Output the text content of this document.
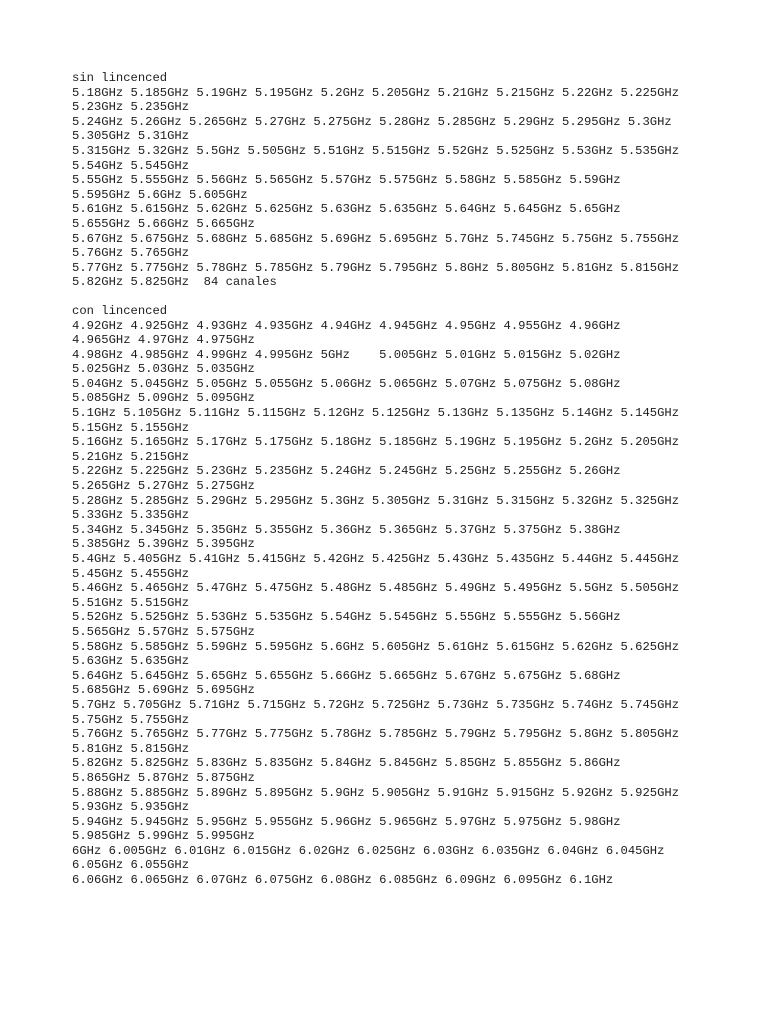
sin lincenced
5.18GHz 5.185GHz 5.19GHz 5.195GHz 5.2GHz 5.205GHz 5.21GHz 5.215GHz 5.22GHz 5.225GHz
5.23GHz 5.235GHz
5.24GHz 5.26GHz 5.265GHz 5.27GHz 5.275GHz 5.28GHz 5.285GHz 5.29GHz 5.295GHz 5.3GHz
5.305GHz 5.31GHz
5.315GHz 5.32GHz 5.5GHz 5.505GHz 5.51GHz 5.515GHz 5.52GHz 5.525GHz 5.53GHz 5.535GHz
5.54GHz 5.545GHz
5.55GHz 5.555GHz 5.56GHz 5.565GHz 5.57GHz 5.575GHz 5.58GHz 5.585GHz 5.59GHz
5.595GHz 5.6GHz 5.605GHz
5.61GHz 5.615GHz 5.62GHz 5.625GHz 5.63GHz 5.635GHz 5.64GHz 5.645GHz 5.65GHz
5.655GHz 5.66GHz 5.665GHz
5.67GHz 5.675GHz 5.68GHz 5.685GHz 5.69GHz 5.695GHz 5.7GHz 5.745GHz 5.75GHz 5.755GHz
5.76GHz 5.765GHz
5.77GHz 5.775GHz 5.78GHz 5.785GHz 5.79GHz 5.795GHz 5.8GHz 5.805GHz 5.81GHz 5.815GHz
5.82GHz 5.825GHz  84 canales
con lincenced
4.92GHz 4.925GHz 4.93GHz 4.935GHz 4.94GHz 4.945GHz 4.95GHz 4.955GHz 4.96GHz
4.965GHz 4.97GHz 4.975GHz
4.98GHz 4.985GHz 4.99GHz 4.995GHz 5GHz    5.005GHz 5.01GHz 5.015GHz 5.02GHz
5.025GHz 5.03GHz 5.035GHz
5.04GHz 5.045GHz 5.05GHz 5.055GHz 5.06GHz 5.065GHz 5.07GHz 5.075GHz 5.08GHz
5.085GHz 5.09GHz 5.095GHz
5.1GHz 5.105GHz 5.11GHz 5.115GHz 5.12GHz 5.125GHz 5.13GHz 5.135GHz 5.14GHz 5.145GHz
5.15GHz 5.155GHz
5.16GHz 5.165GHz 5.17GHz 5.175GHz 5.18GHz 5.185GHz 5.19GHz 5.195GHz 5.2GHz 5.205GHz
5.21GHz 5.215GHz
5.22GHz 5.225GHz 5.23GHz 5.235GHz 5.24GHz 5.245GHz 5.25GHz 5.255GHz 5.26GHz
5.265GHz 5.27GHz 5.275GHz
5.28GHz 5.285GHz 5.29GHz 5.295GHz 5.3GHz 5.305GHz 5.31GHz 5.315GHz 5.32GHz 5.325GHz
5.33GHz 5.335GHz
5.34GHz 5.345GHz 5.35GHz 5.355GHz 5.36GHz 5.365GHz 5.37GHz 5.375GHz 5.38GHz
5.385GHz 5.39GHz 5.395GHz
5.4GHz 5.405GHz 5.41GHz 5.415GHz 5.42GHz 5.425GHz 5.43GHz 5.435GHz 5.44GHz 5.445GHz
5.45GHz 5.455GHz
5.46GHz 5.465GHz 5.47GHz 5.475GHz 5.48GHz 5.485GHz 5.49GHz 5.495GHz 5.5GHz 5.505GHz
5.51GHz 5.515GHz
5.52GHz 5.525GHz 5.53GHz 5.535GHz 5.54GHz 5.545GHz 5.55GHz 5.555GHz 5.56GHz
5.565GHz 5.57GHz 5.575GHz
5.58GHz 5.585GHz 5.59GHz 5.595GHz 5.6GHz 5.605GHz 5.61GHz 5.615GHz 5.62GHz 5.625GHz
5.63GHz 5.635GHz
5.64GHz 5.645GHz 5.65GHz 5.655GHz 5.66GHz 5.665GHz 5.67GHz 5.675GHz 5.68GHz
5.685GHz 5.69GHz 5.695GHz
5.7GHz 5.705GHz 5.71GHz 5.715GHz 5.72GHz 5.725GHz 5.73GHz 5.735GHz 5.74GHz 5.745GHz
5.75GHz 5.755GHz
5.76GHz 5.765GHz 5.77GHz 5.775GHz 5.78GHz 5.785GHz 5.79GHz 5.795GHz 5.8GHz 5.805GHz
5.81GHz 5.815GHz
5.82GHz 5.825GHz 5.83GHz 5.835GHz 5.84GHz 5.845GHz 5.85GHz 5.855GHz 5.86GHz
5.865GHz 5.87GHz 5.875GHz
5.88GHz 5.885GHz 5.89GHz 5.895GHz 5.9GHz 5.905GHz 5.91GHz 5.915GHz 5.92GHz 5.925GHz
5.93GHz 5.935GHz
5.94GHz 5.945GHz 5.95GHz 5.955GHz 5.96GHz 5.965GHz 5.97GHz 5.975GHz 5.98GHz
5.985GHz 5.99GHz 5.995GHz
6GHz 6.005GHz 6.01GHz 6.015GHz 6.02GHz 6.025GHz 6.03GHz 6.035GHz 6.04GHz 6.045GHz
6.05GHz 6.055GHz
6.06GHz 6.065GHz 6.07GHz 6.075GHz 6.08GHz 6.085GHz 6.09GHz 6.095GHz 6.1GHz
